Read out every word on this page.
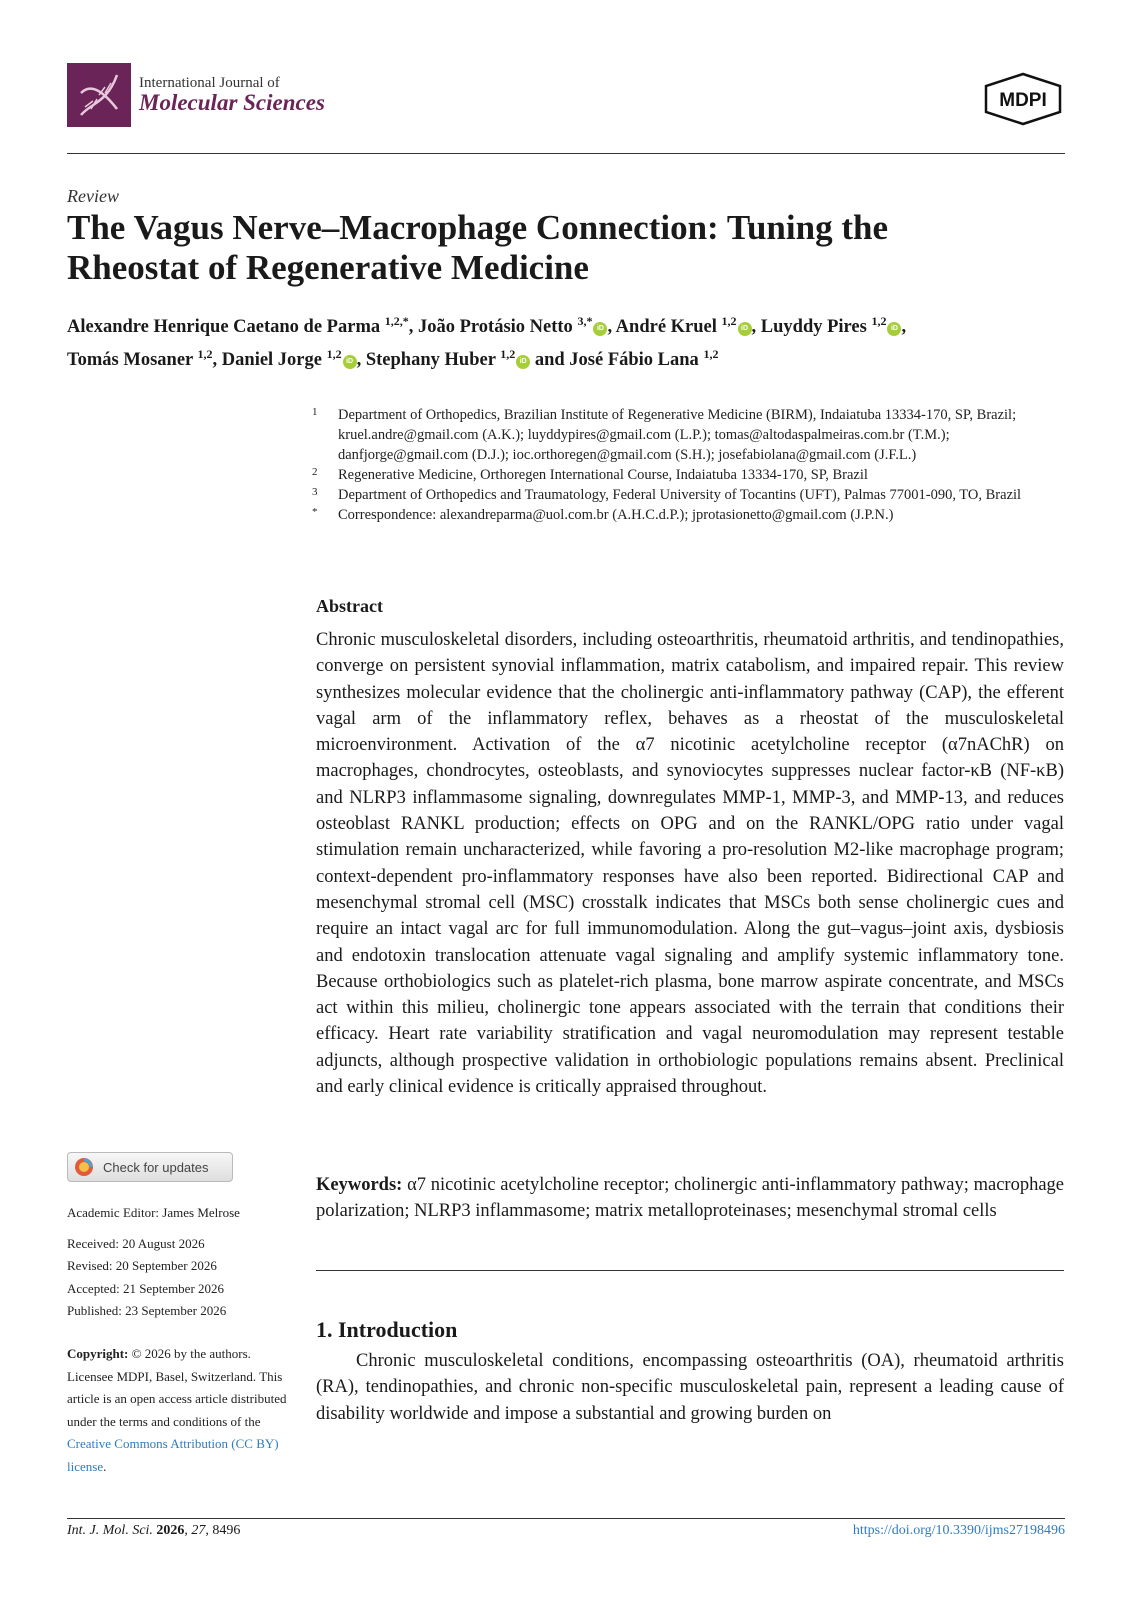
International Journal of
Molecular Sciences	MDPI
Review
The Vagus Nerve–Macrophage Connection: Tuning the
Rheostat of Regenerative Medicine
Alexandre Henrique Caetano de Parma $^{1,2,*}$, João Protásio Netto $^{3,*}$iD , André Kruel $^{1,2}$iD , Luyddy Pires $^{1,2}$iD ,
Tomás Mosaner $^{1,2}$, Daniel Jorge $^{1,2}$iD , Stephany Huber $^{1,2}$iD and José Fábio Lana $^{1,2}$
1	Department of Orthopedics, Brazilian Institute of Regenerative Medicine (BIRM), Indaiatuba 13334-170, SP, Brazil; kruel.andre@gmail.com (A.K.); luyddypires@gmail.com (L.P.); tomas@altodaspalmeiras.com.br (T.M.); danfjorge@gmail.com (D.J.); ioc.orthoregen@gmail.com (S.H.); josefabiolana@gmail.com (J.F.L.)
2	Regenerative Medicine, Orthoregen International Course, Indaiatuba 13334-170, SP, Brazil
3	Department of Orthopedics and Traumatology, Federal University of Tocantins (UFT), Palmas 77001-090, TO, Brazil
*	Correspondence: alexandreparma@uol.com.br (A.H.C.d.P.); jprotasionetto@gmail.com (J.P.N.)
Abstract
Chronic musculoskeletal disorders, including osteoarthritis, rheumatoid arthritis, and tendinopathies, converge on persistent synovial inflammation, matrix catabolism, and impaired repair. This review synthesizes molecular evidence that the cholinergic anti-inflammatory pathway (CAP), the efferent vagal arm of the inflammatory reflex, behaves as a rheostat of the musculoskeletal microenvironment. Activation of the α7 nicotinic acetylcholine receptor (α7nAChR) on macrophages, chondrocytes, osteoblasts, and synoviocytes suppresses nuclear factor-κB (NF-κB) and NLRP3 inflammasome signaling, downregulates MMP-1, MMP-3, and MMP-13, and reduces osteoblast RANKL production; effects on OPG and on the RANKL/OPG ratio under vagal stimulation remain uncharacterized, while favoring a pro-resolution M2-like macrophage program; context-dependent pro-inflammatory responses have also been reported. Bidirectional CAP and mesenchymal stromal cell (MSC) crosstalk indicates that MSCs both sense cholinergic cues and require an intact vagal arc for full immunomodulation. Along the gut–vagus–joint axis, dysbiosis and endotoxin translocation attenuate vagal signaling and amplify systemic inflammatory tone. Because orthobiologics such as platelet-rich plasma, bone marrow aspirate concentrate, and MSCs act within this milieu, cholinergic tone appears associated with the terrain that conditions their efficacy. Heart rate variability stratification and vagal neuromodulation may represent testable adjuncts, although prospective validation in orthobiologic populations remains absent. Preclinical and early clinical evidence is critically appraised throughout.
Keywords: α7 nicotinic acetylcholine receptor; cholinergic anti-inflammatory pathway; macrophage polarization; NLRP3 inflammasome; matrix metalloproteinases; mesenchymal stromal cells
1. Introduction
Chronic musculoskeletal conditions, encompassing osteoarthritis (OA), rheumatoid arthritis (RA), tendinopathies, and chronic non-specific musculoskeletal pain, represent a leading cause of disability worldwide and impose a substantial and growing burden on
Check for updates
Academic Editor: James Melrose
Received: 20 August 2026
Revised: 20 September 2026
Accepted: 21 September 2026
Published: 23 September 2026
Copyright: © 2026 by the authors. Licensee MDPI, Basel, Switzerland. This article is an open access article distributed under the terms and conditions of the Creative Commons Attribution (CC BY) license.
Int. J. Mol. Sci. 2026, 27, 8496	https://doi.org/10.3390/ijms27198496
